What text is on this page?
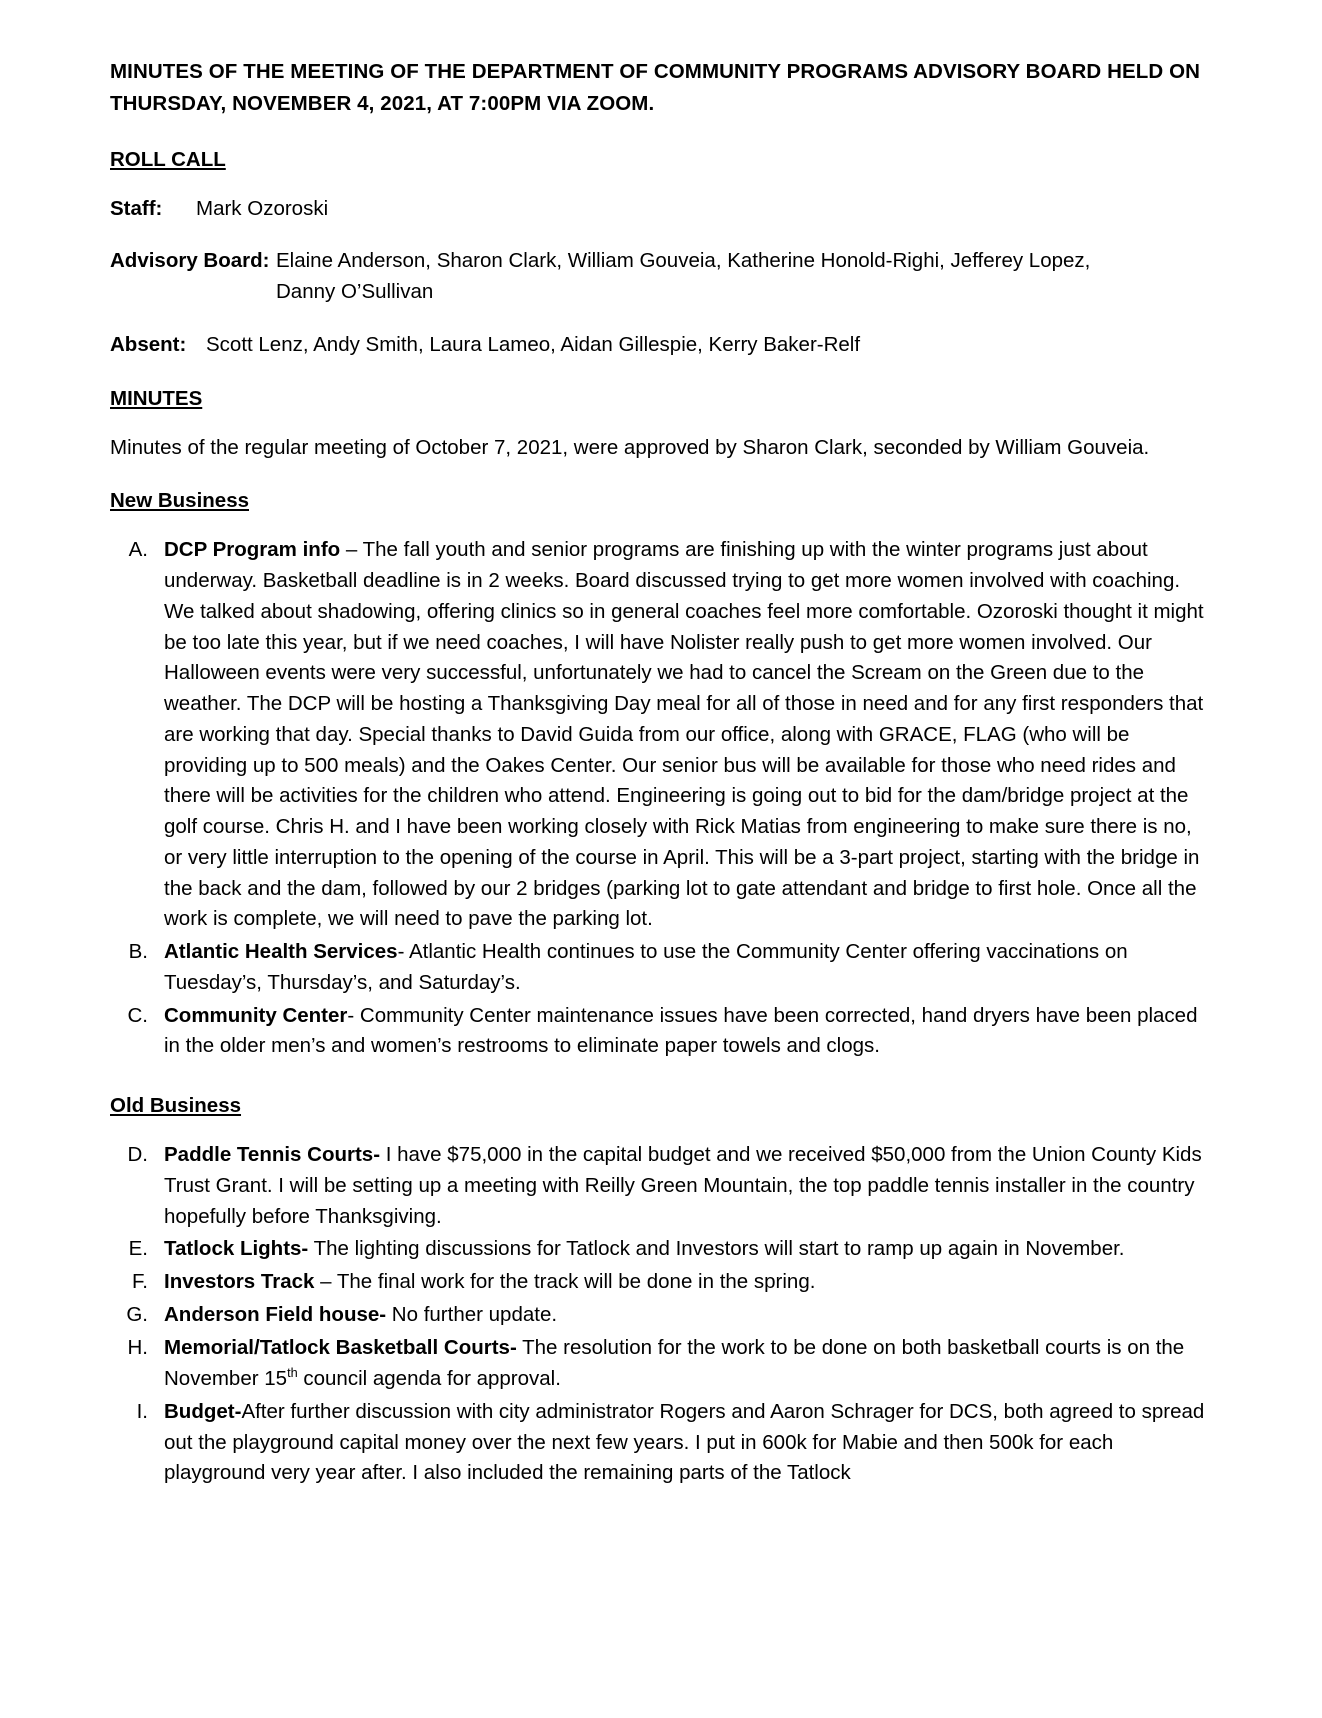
MINUTES OF THE MEETING OF THE DEPARTMENT OF COMMUNITY PROGRAMS ADVISORY BOARD HELD ON THURSDAY, NOVEMBER 4, 2021, AT 7:00PM VIA ZOOM.
ROLL CALL
Staff:	Mark Ozoroski
Advisory Board: Elaine Anderson, Sharon Clark, William Gouveia, Katherine Honold-Righi, Jefferey Lopez,
Danny O’Sullivan
Absent: Scott Lenz, Andy Smith, Laura Lameo, Aidan Gillespie, Kerry Baker-Relf
MINUTES
Minutes of the regular meeting of October 7, 2021, were approved by Sharon Clark, seconded by William Gouveia.
New Business
A. DCP Program info – The fall youth and senior programs are finishing up with the winter programs just about underway. Basketball deadline is in 2 weeks. Board discussed trying to get more women involved with coaching. We talked about shadowing, offering clinics so in general coaches feel more comfortable. Ozoroski thought it might be too late this year, but if we need coaches, I will have Nolister really push to get more women involved. Our Halloween events were very successful, unfortunately we had to cancel the Scream on the Green due to the weather. The DCP will be hosting a Thanksgiving Day meal for all of those in need and for any first responders that are working that day. Special thanks to David Guida from our office, along with GRACE, FLAG (who will be providing up to 500 meals) and the Oakes Center. Our senior bus will be available for those who need rides and there will be activities for the children who attend. Engineering is going out to bid for the dam/bridge project at the golf course. Chris H. and I have been working closely with Rick Matias from engineering to make sure there is no, or very little interruption to the opening of the course in April. This will be a 3-part project, starting with the bridge in the back and the dam, followed by our 2 bridges (parking lot to gate attendant and bridge to first hole. Once all the work is complete, we will need to pave the parking lot.
B. Atlantic Health Services- Atlantic Health continues to use the Community Center offering vaccinations on Tuesday’s, Thursday’s, and Saturday’s.
C. Community Center- Community Center maintenance issues have been corrected, hand dryers have been placed in the older men’s and women’s restrooms to eliminate paper towels and clogs.
Old Business
D. Paddle Tennis Courts- I have $75,000 in the capital budget and we received $50,000 from the Union County Kids Trust Grant. I will be setting up a meeting with Reilly Green Mountain, the top paddle tennis installer in the country hopefully before Thanksgiving.
E. Tatlock Lights- The lighting discussions for Tatlock and Investors will start to ramp up again in November.
F. Investors Track – The final work for the track will be done in the spring.
G. Anderson Field house- No further update.
H. Memorial/Tatlock Basketball Courts- The resolution for the work to be done on both basketball courts is on the November 15th council agenda for approval.
I. Budget-After further discussion with city administrator Rogers and Aaron Schrager for DCS, both agreed to spread out the playground capital money over the next few years. I put in 600k for Mabie and then 500k for each playground very year after. I also included the remaining parts of the Tatlock
